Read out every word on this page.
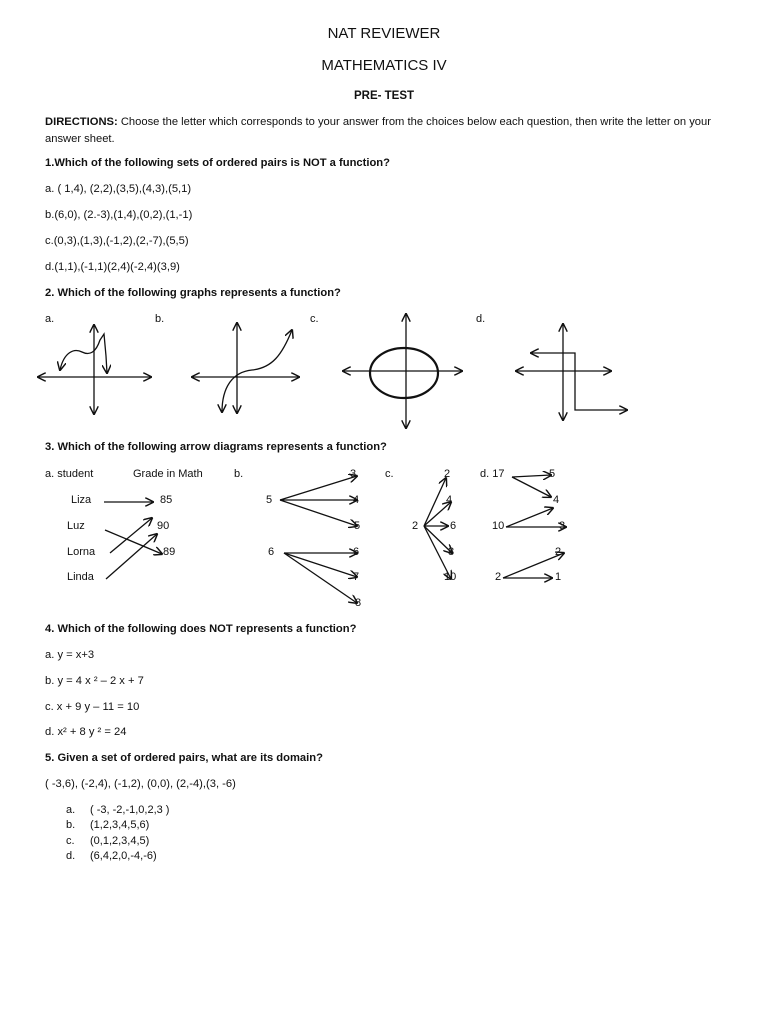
NAT REVIEWER
MATHEMATICS IV
PRE- TEST
DIRECTIONS: Choose the letter which corresponds to your answer from the choices below each question, then write the letter on your answer sheet.
1.Which of the following sets of ordered pairs is NOT a function?
a. ( 1,4), (2,2),(3,5),(4,3),(5,1)
b.(6,0), (2.-3),(1,4),(0,2),(1,-1)
c.(0,3),(1,3),(-1,2),(2,-7),(5,5)
d.(1,1),(-1,1)(2,4)(-2,4)(3,9)
2. Which of the following graphs represents a function?
a.	b.	c.	d.
3. Which of the following arrow diagrams represents a function?
a. student	Grade in Math
Liza
Luz
Lorna
Linda
85
90
89
b.
5
6
3
4
5
6
7
8
c.
2
2
4
6
8
10
d. 17
10
2
5
4
3
2
1
4. Which of the following does NOT represents a function?
a. y = x+3
b. y = 4 x ² – 2 x + 7
c. x + 9 y – 11 = 10
d. x² + 8 y ² = 24
5. Given a set of ordered pairs, what are its domain?
( -3,6), (-2,4), (-1,2), (0,0), (2,-4),(3, -6)
a. ( -3, -2,-1,0,2,3 )
b. (1,2,3,4,5,6)
c. (0,1,2,3,4,5)
d. (6,4,2,0,-4,-6)
